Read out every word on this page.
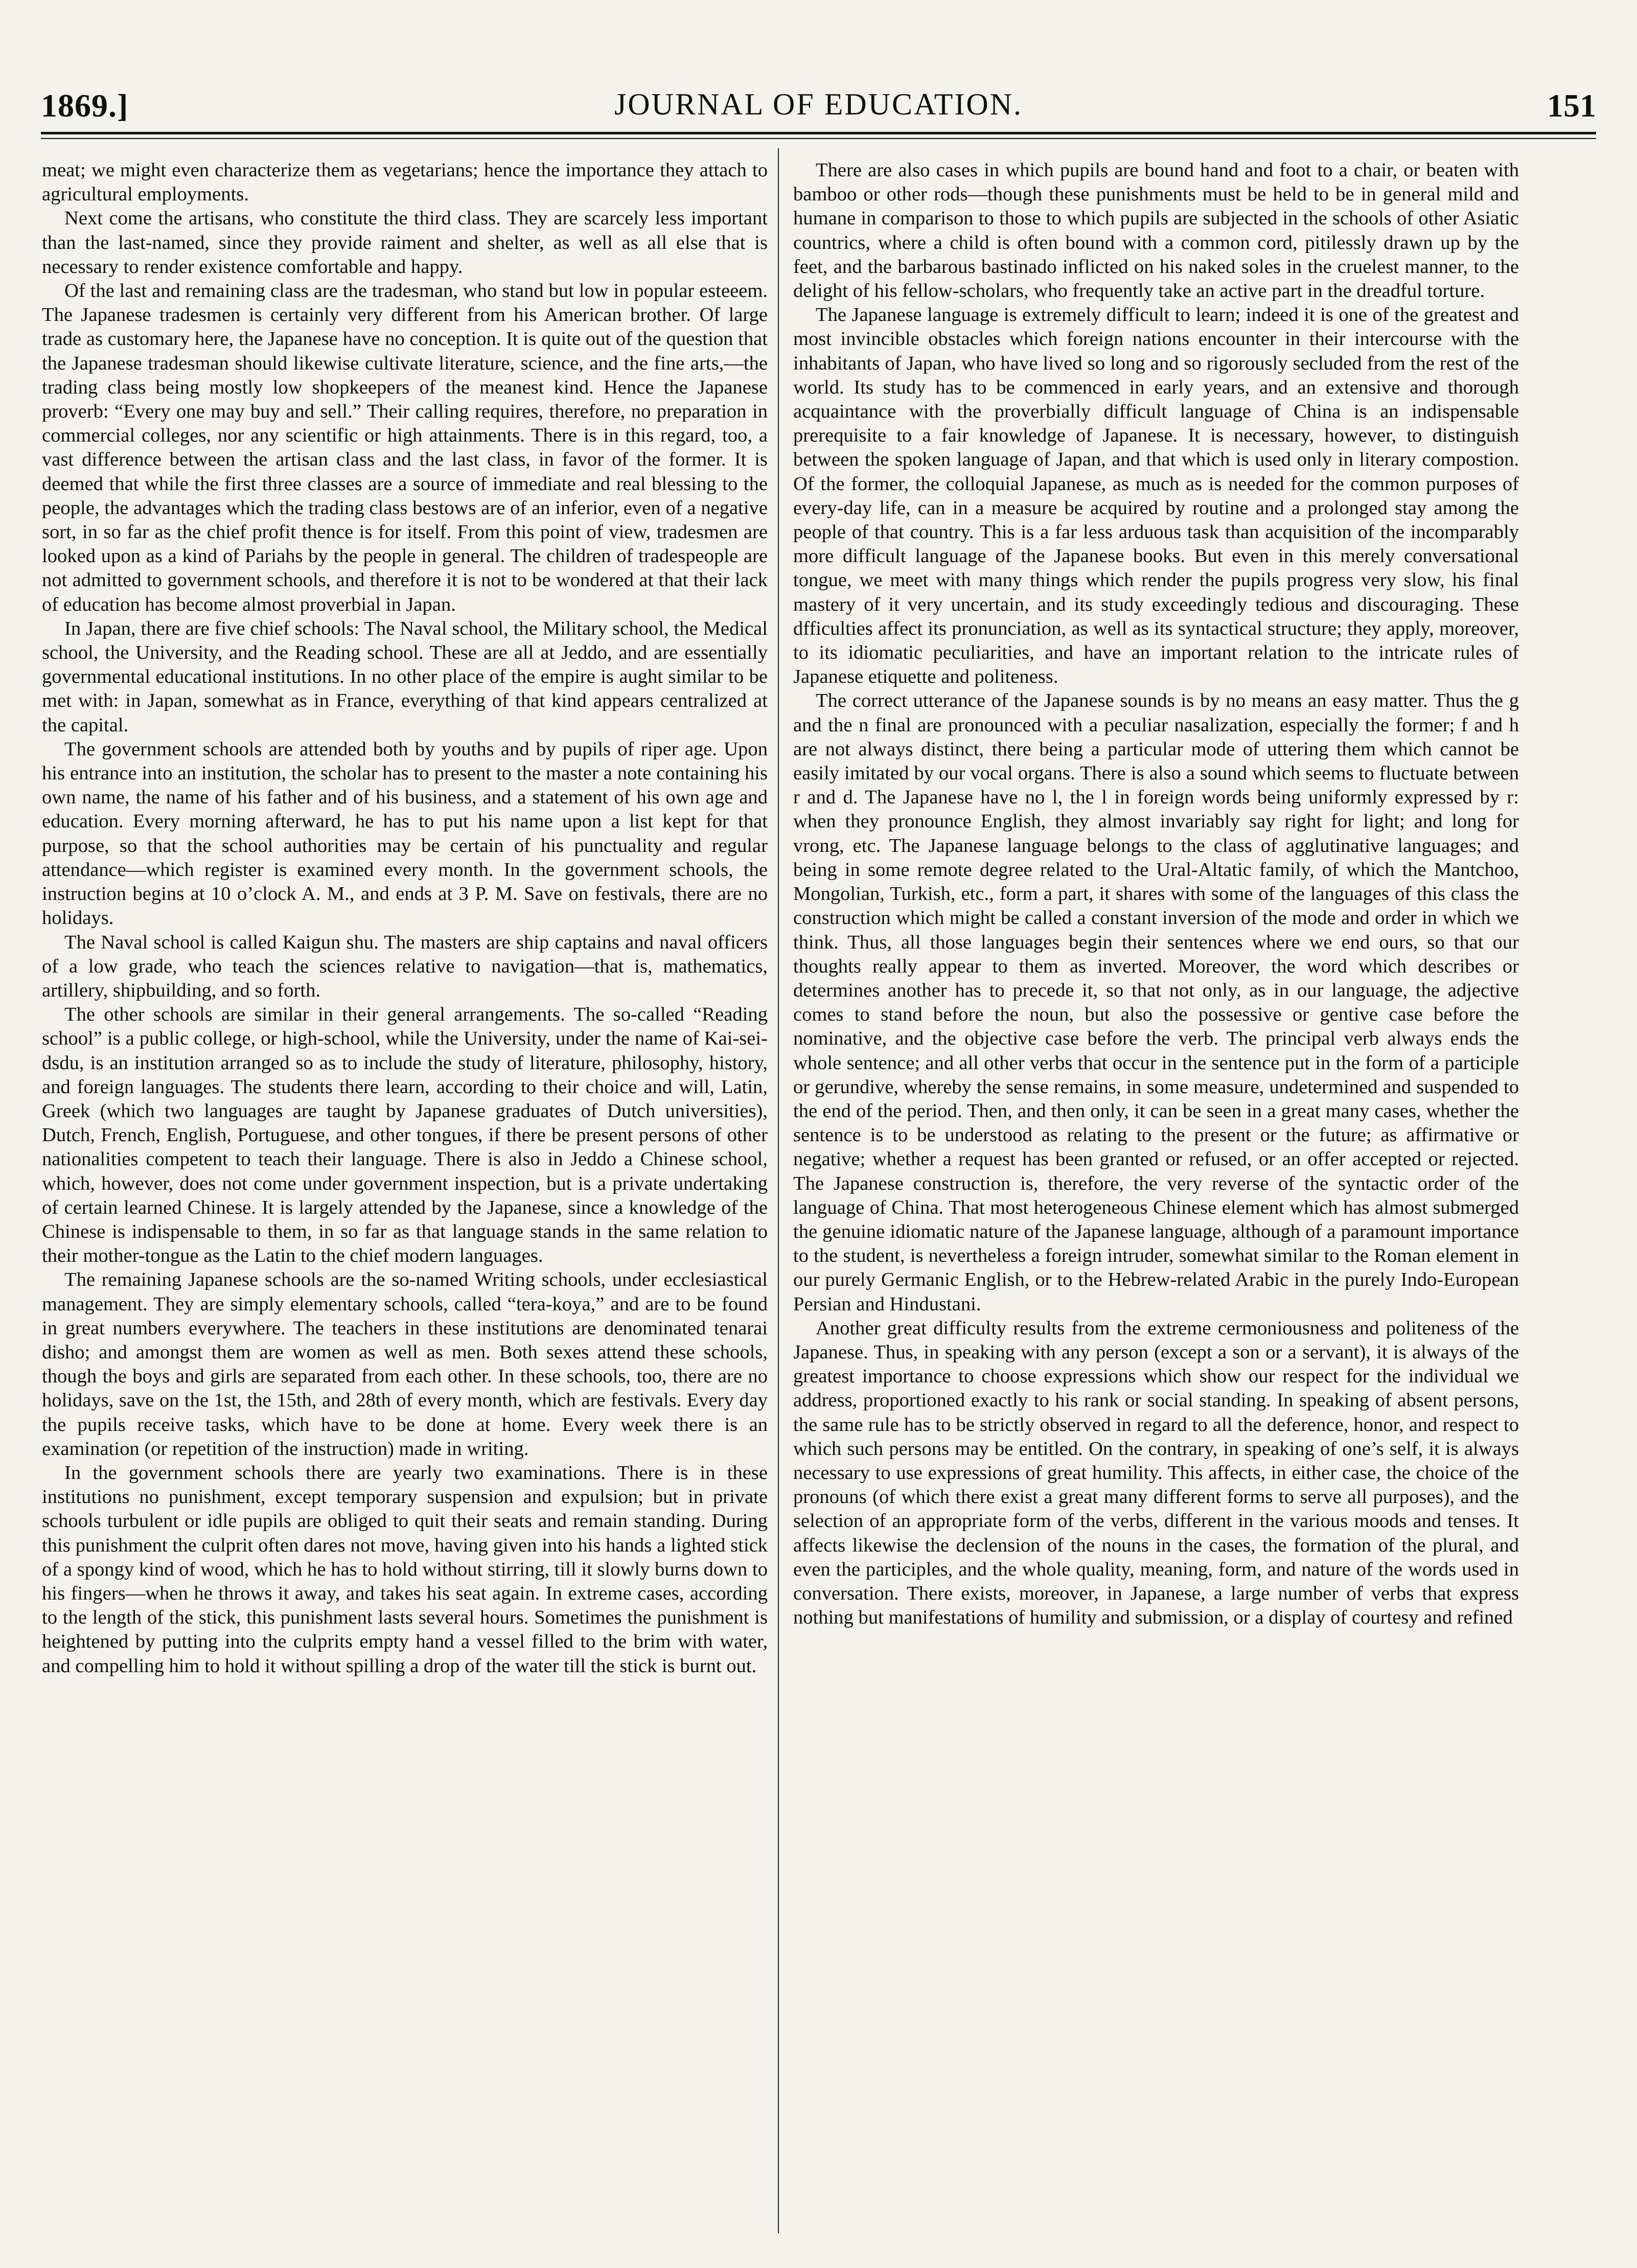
1869.]	JOURNAL OF EDUCATION.	151

meat; we might even characterize them as vegetarians; hence the importance they attach to agricultural employments.

Next come the artisans, who constitute the third class. They are scarcely less important than the last-named, since they provide raiment and shelter, as well as all else that is necessary to render existence comfortable and happy.

Of the last and remaining class are the tradesman, who stand but low in popular esteeem. The Japanese tradesmen is certainly very different from his American brother. Of large trade as customary here, the Japanese have no conception. It is quite out of the question that the Japanese tradesman should likewise cultivate literature, science, and the fine arts,—the trading class being mostly low shopkeepers of the meanest kind. Hence the Japanese proverb: “Every one may buy and sell.” Their calling requires, therefore, no preparation in commercial colleges, nor any scientific or high attainments. There is in this regard, too, a vast difference between the artisan class and the last class, in favor of the former. It is deemed that while the first three classes are a source of immediate and real blessing to the people, the advantages which the trading class bestows are of an inferior, even of a negative sort, in so far as the chief profit thence is for itself. From this point of view, tradesmen are looked upon as a kind of Pariahs by the people in general. The children of tradespeople are not admitted to government schools, and therefore it is not to be wondered at that their lack of education has become almost proverbial in Japan.

In Japan, there are five chief schools: The Naval school, the Military school, the Medical school, the University, and the Reading school. These are all at Jeddo, and are essentially governmental educational institutions. In no other place of the empire is aught similar to be met with: in Japan, somewhat as in France, everything of that kind appears centralized at the capital.

The government schools are attended both by youths and by pupils of riper age. Upon his entrance into an institution, the scholar has to present to the master a note containing his own name, the name of his father and of his business, and a statement of his own age and education. Every morning afterward, he has to put his name upon a list kept for that purpose, so that the school authorities may be certain of his punctuality and regular attendance—which register is examined every month. In the government schools, the instruction begins at 10 o’clock A. M., and ends at 3 P. M. Save on festivals, there are no holidays.

The Naval school is called Kaigun shu. The masters are ship captains and naval officers of a low grade, who teach the sciences relative to navigation—that is, mathematics, artillery, shipbuilding, and so forth.

The other schools are similar in their general arrangements. The so-called “Reading school” is a public college, or high-school, while the University, under the name of Kai-sei-dsdu, is an institution arranged so as to include the study of literature, philosophy, history, and foreign languages. The students there learn, according to their choice and will, Latin, Greek (which two languages are taught by Japanese graduates of Dutch universities), Dutch, French, English, Portuguese, and other tongues, if there be present persons of other nationalities competent to teach their language. There is also in Jeddo a Chinese school, which, however, does not come under government inspection, but is a private undertaking of certain learned Chinese. It is largely attended by the Japanese, since a knowledge of the Chinese is indispensable to them, in so far as that language stands in the same relation to their mother-tongue as the Latin to the chief modern languages.

The remaining Japanese schools are the so-named Writing schools, under ecclesiastical management. They are simply elementary schools, called “tera-koya,” and are to be found in great numbers everywhere. The teachers in these institutions are denominated tenarai disho; and amongst them are women as well as men. Both sexes attend these schools, though the boys and girls are separated from each other. In these schools, too, there are no holidays, save on the 1st, the 15th, and 28th of every month, which are festivals. Every day the pupils receive tasks, which have to be done at home. Every week there is an examination (or repetition of the instruction) made in writing.

In the government schools there are yearly two examinations. There is in these institutions no punishment, except temporary suspension and expulsion; but in private schools turbulent or idle pupils are obliged to quit their seats and remain standing. During this punishment the culprit often dares not move, having given into his hands a lighted stick of a spongy kind of wood, which he has to hold without stirring, till it slowly burns down to his fingers—when he throws it away, and takes his seat again. In extreme cases, according to the length of the stick, this punishment lasts several hours. Sometimes the punishment is heightened by putting into the culprits empty hand a vessel filled to the brim with water, and compelling him to hold it without spilling a drop of the water till the stick is burnt out.

There are also cases in which pupils are bound hand and foot to a chair, or beaten with bamboo or other rods—though these punishments must be held to be in general mild and humane in comparison to those to which pupils are subjected in the schools of other Asiatic countrics, where a child is often bound with a common cord, pitilessly drawn up by the feet, and the barbarous bastinado inflicted on his naked soles in the cruelest manner, to the delight of his fellow-scholars, who frequently take an active part in the dreadful torture.

The Japanese language is extremely difficult to learn; indeed it is one of the greatest and most invincible obstacles which foreign nations encounter in their intercourse with the inhabitants of Japan, who have lived so long and so rigorously secluded from the rest of the world. Its study has to be commenced in early years, and an extensive and thorough acquaintance with the proverbially difficult language of China is an indispensable prerequisite to a fair knowledge of Japanese. It is necessary, however, to distinguish between the spoken language of Japan, and that which is used only in literary compostion. Of the former, the colloquial Japanese, as much as is needed for the common purposes of every-day life, can in a measure be acquired by routine and a prolonged stay among the people of that country. This is a far less arduous task than acquisition of the incomparably more difficult language of the Japanese books. But even in this merely conversational tongue, we meet with many things which render the pupils progress very slow, his final mastery of it very uncertain, and its study exceedingly tedious and discouraging. These dfficulties affect its pronunciation, as well as its syntactical structure; they apply, moreover, to its idiomatic peculiarities, and have an important relation to the intricate rules of Japanese etiquette and politeness.

The correct utterance of the Japanese sounds is by no means an easy matter. Thus the g and the n final are pronounced with a peculiar nasalization, especially the former; f and h are not always distinct, there being a particular mode of uttering them which cannot be easily imitated by our vocal organs. There is also a sound which seems to fluctuate between r and d. The Japanese have no l, the l in foreign words being uniformly expressed by r: when they pronounce English, they almost invariably say right for light; and long for vrong, etc. The Japanese language belongs to the class of agglutinative languages; and being in some remote degree related to the Ural-Altatic family, of which the Mantchoo, Mongolian, Turkish, etc., form a part, it shares with some of the languages of this class the construction which might be called a constant inversion of the mode and order in which we think. Thus, all those languages begin their sentences where we end ours, so that our thoughts really appear to them as inverted. Moreover, the word which describes or determines another has to precede it, so that not only, as in our language, the adjective comes to stand before the noun, but also the possessive or gentive case before the nominative, and the objective case before the verb. The principal verb always ends the whole sentence; and all other verbs that occur in the sentence put in the form of a participle or gerundive, whereby the sense remains, in some measure, undetermined and suspended to the end of the period. Then, and then only, it can be seen in a great many cases, whether the sentence is to be understood as relating to the present or the future; as affirmative or negative; whether a request has been granted or refused, or an offer accepted or rejected. The Japanese construction is, therefore, the very reverse of the syntactic order of the language of China. That most heterogeneous Chinese element which has almost submerged the genuine idiomatic nature of the Japanese language, although of a paramount importance to the student, is nevertheless a foreign intruder, somewhat similar to the Roman element in our purely Germanic English, or to the Hebrew-related Arabic in the purely Indo-European Persian and Hindustani.

Another great difficulty results from the extreme cermoniousness and politeness of the Japanese. Thus, in speaking with any person (except a son or a servant), it is always of the greatest importance to choose expressions which show our respect for the individual we address, proportioned exactly to his rank or social standing. In speaking of absent persons, the same rule has to be strictly observed in regard to all the deference, honor, and respect to which such persons may be entitled. On the contrary, in speaking of one’s self, it is always necessary to use expressions of great humility. This affects, in either case, the choice of the pronouns (of which there exist a great many different forms to serve all purposes), and the selection of an appropriate form of the verbs, different in the various moods and tenses. It affects likewise the declension of the nouns in the cases, the formation of the plural, and even the participles, and the whole quality, meaning, form, and nature of the words used in conversation. There exists, moreover, in Japanese, a large number of verbs that express nothing but manifestations of humility and submission, or a display of courtesy and refined
